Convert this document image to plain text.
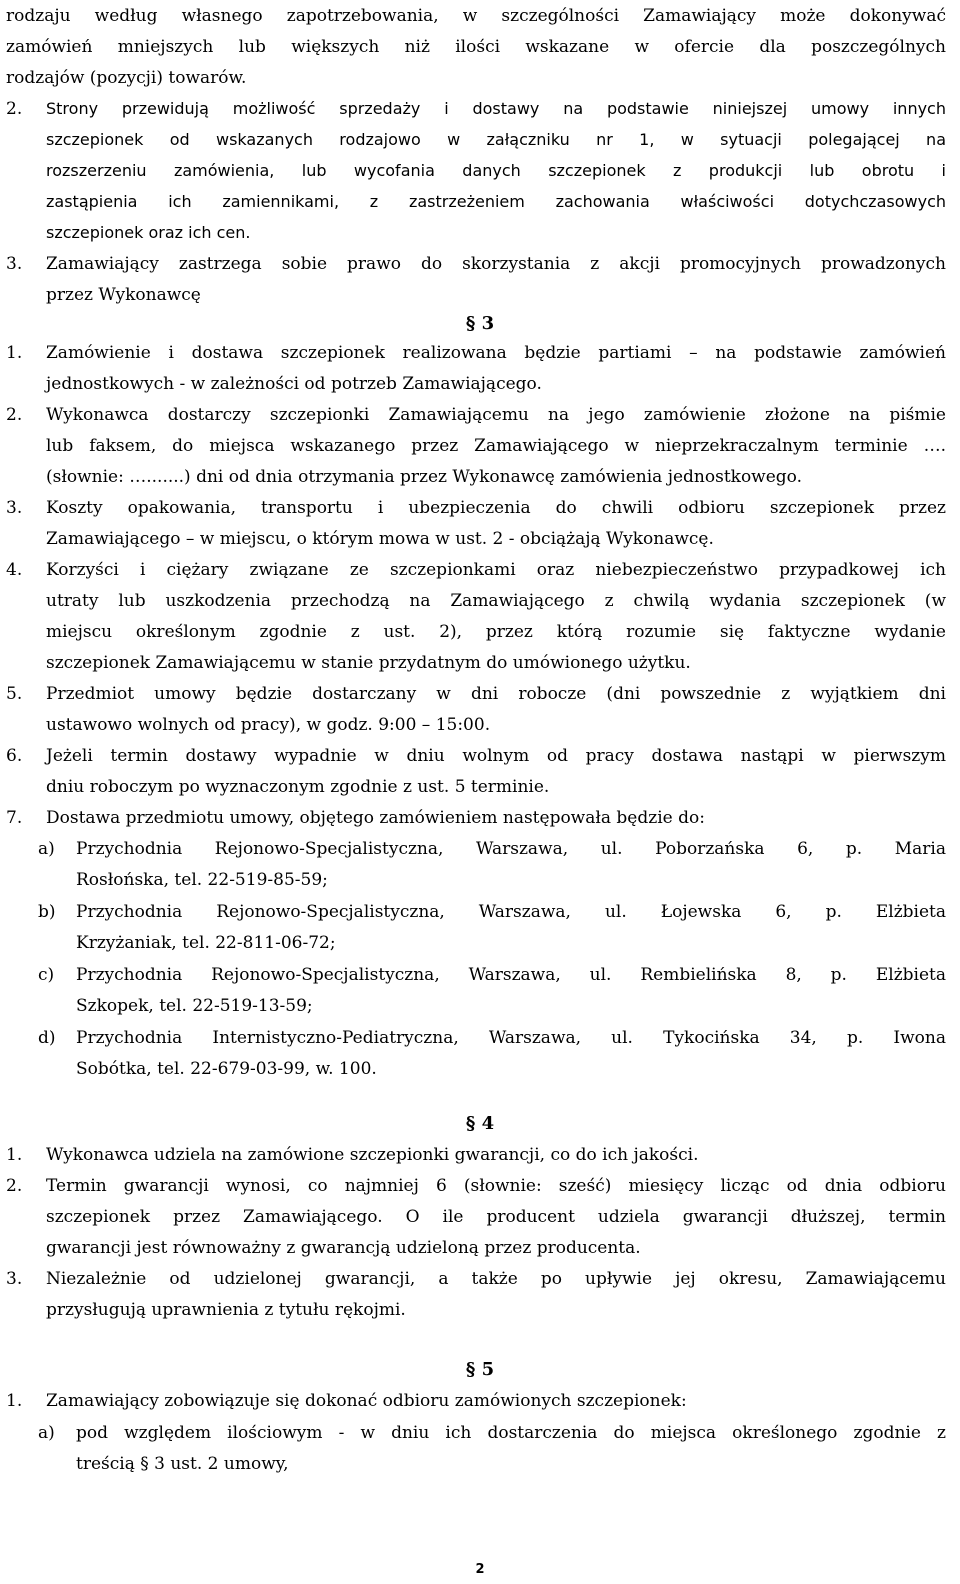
rodzaju według własnego zapotrzebowania, w szczególności Zamawiający może dokonywać
zamówień mniejszych lub większych niż ilości wskazane w ofercie dla poszczególnych
rodzajów (pozycji) towarów.
2. Strony przewidują możliwość sprzedaży i dostawy na podstawie niniejszej umowy innych
szczepionek od wskazanych rodzajowo w załączniku nr 1, w sytuacji polegającej na
rozszerzeniu zamówienia, lub wycofania danych szczepionek z produkcji lub obrotu i
zastąpienia ich zamiennikami, z zastrzeżeniem zachowania właściwości dotychczasowych
szczepionek oraz ich cen.
3. Zamawiający zastrzega sobie prawo do skorzystania z akcji promocyjnych prowadzonych
przez Wykonawcę
§ 3
1. Zamówienie i dostawa szczepionek realizowana będzie partiami – na podstawie zamówień
jednostkowych - w zależności od potrzeb Zamawiającego.
2. Wykonawca dostarczy szczepionki Zamawiającemu na jego zamówienie złożone na piśmie
lub faksem, do miejsca wskazanego przez Zamawiającego w nieprzekraczalnym terminie ….
(słownie: ….......) dni od dnia otrzymania przez Wykonawcę zamówienia jednostkowego.
3. Koszty opakowania, transportu i ubezpieczenia do chwili odbioru szczepionek przez
Zamawiającego – w miejscu, o którym mowa w ust. 2 - obciążają Wykonawcę.
4. Korzyści i ciężary związane ze szczepionkami oraz niebezpieczeństwo przypadkowej ich
utraty lub uszkodzenia przechodzą na Zamawiającego z chwilą wydania szczepionek (w
miejscu określonym zgodnie z ust. 2), przez którą rozumie się faktyczne wydanie
szczepionek Zamawiającemu w stanie przydatnym do umówionego użytku.
5. Przedmiot umowy będzie dostarczany w dni robocze (dni powszednie z wyjątkiem dni
ustawowo wolnych od pracy), w godz. 9:00 – 15:00.
6. Jeżeli termin dostawy wypadnie w dniu wolnym od pracy dostawa nastąpi w pierwszym
dniu roboczym po wyznaczonym zgodnie z ust. 5 terminie.
7. Dostawa przedmiotu umowy, objętego zamówieniem następowała będzie do:
a) Przychodnia Rejonowo-Specjalistyczna, Warszawa, ul. Poborzańska 6, p. Maria
Rosłońska, tel. 22-519-85-59;
b) Przychodnia Rejonowo-Specjalistyczna, Warszawa, ul. Łojewska 6, p. Elżbieta
Krzyżaniak, tel. 22-811-06-72;
c) Przychodnia Rejonowo-Specjalistyczna, Warszawa, ul. Rembielińska 8, p. Elżbieta
Szkopek, tel. 22-519-13-59;
d) Przychodnia Internistyczno-Pediatryczna, Warszawa, ul. Tykocińska 34, p. Iwona
Sobótka, tel. 22-679-03-99, w. 100.
§ 4
1. Wykonawca udziela na zamówione szczepionki gwarancji, co do ich jakości.
2. Termin gwarancji wynosi, co najmniej 6 (słownie: sześć) miesięcy licząc od dnia odbioru
szczepionek przez Zamawiającego. O ile producent udziela gwarancji dłuższej, termin
gwarancji jest równoważny z gwarancją udzieloną przez producenta.
3. Niezależnie od udzielonej gwarancji, a także po upływie jej okresu, Zamawiającemu
przysługują uprawnienia z tytułu rękojmi.
§ 5
1. Zamawiający zobowiązuje się dokonać odbioru zamówionych szczepionek:
a) pod względem ilościowym - w dniu ich dostarczenia do miejsca określonego zgodnie z
treścią § 3 ust. 2 umowy,
2
